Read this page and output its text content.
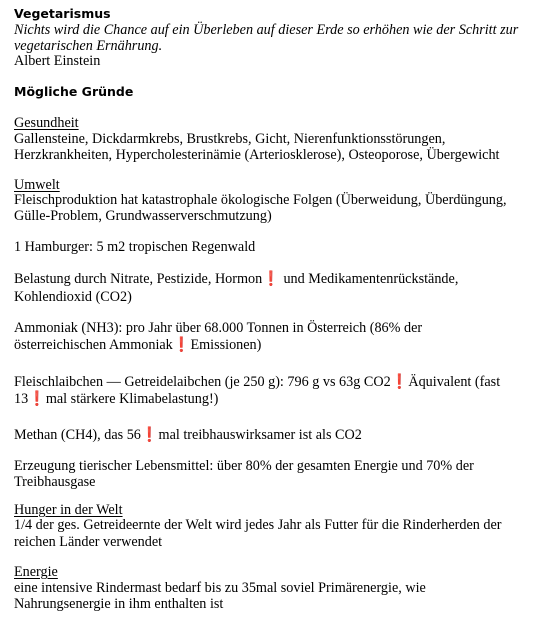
Vegetarismus
Nichts wird die Chance auf ein Überleben auf dieser Erde so erhöhen wie der Schritt zur
vegetarischen Ernährung.
Albert Einstein
Mögliche Gründe
Gesundheit
Gallensteine, Dickdarmkrebs, Brustkrebs, Gicht, Nierenfunktionsstörungen,
Herzkrankheiten, Hypercholesterinämie (Arteriosklerose), Osteoporose, Übergewicht
Umwelt
Fleischproduktion hat katastrophale ökologische Folgen (Überweidung, Überdüngung,
Gülle-Problem, Grundwasserverschmutzung)
1 Hamburger: 5 m2 tropischen Regenwald
Belastung durch Nitrate, Pestizide, Hormon❗ und Medikamentenrückstände,
Kohlendioxid (CO2)
Ammoniak (NH3): pro Jahr über 68.000 Tonnen in Österreich (86% der
österreichischen Ammoniak❗Emissionen)
Fleischlaibchen — Getreidelaibchen (je 250 g): 796 g vs 63g CO2❗Äquivalent (fast
13❗mal stärkere Klimabelastung!)
Methan (CH4), das 56❗mal treibhauswirksamer ist als CO2
Erzeugung tierischer Lebensmittel: über 80% der gesamten Energie und 70% der
Treibhausgase
Hunger in der Welt
1/4 der ges. Getreideernte der Welt wird jedes Jahr als Futter für die Rinderherden der
reichen Länder verwendet
Energie
eine intensive Rindermast bedarf bis zu 35mal soviel Primärenergie, wie
Nahrungsenergie in ihm enthalten ist
